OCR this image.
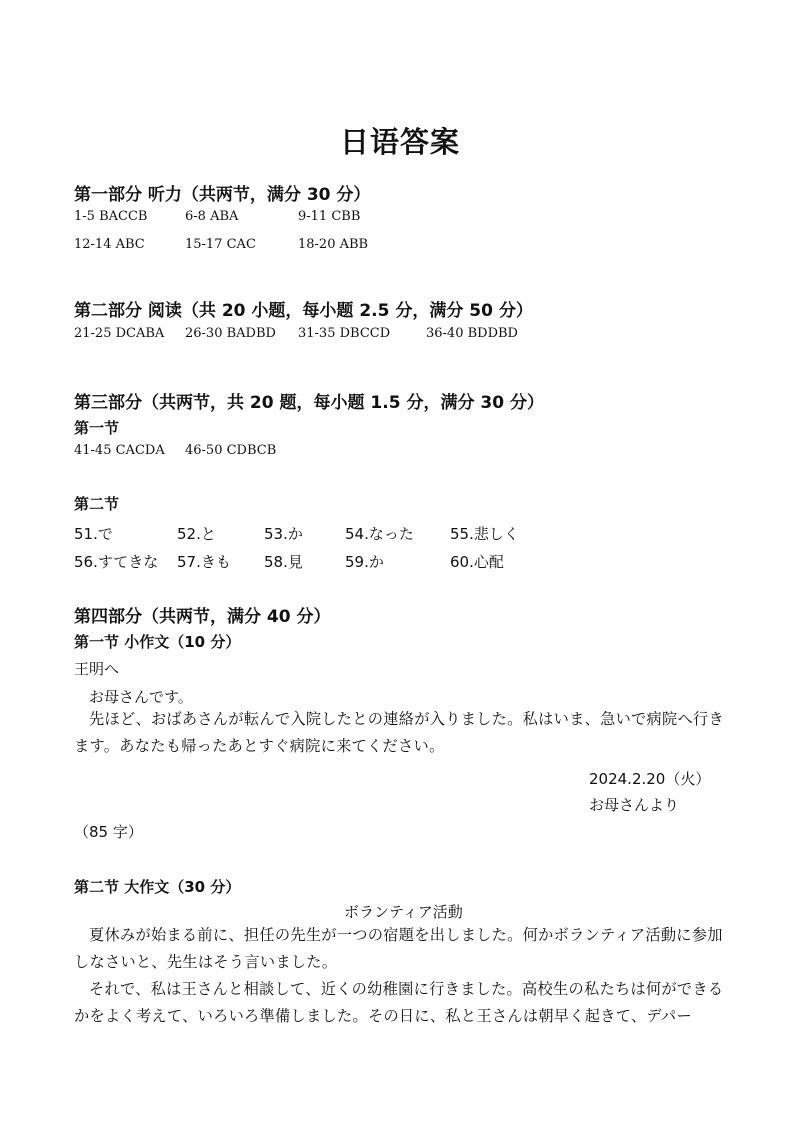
日语答案
第一部分 听力（共两节，满分 30 分）
1-5 BACCB	6-8 ABA	9-11 CBB
12-14 ABC	15-17 CAC	18-20 ABB
第二部分 阅读（共 20 小题，每小题 2.5 分，满分 50 分）
21-25 DCABA 26-30 BADBD 31-35 DBCCD	36-40 BDDBD
第三部分（共两节，共 20 题，每小题 1.5 分，满分 30 分）
第一节
41-45 CACDA 46-50 CDBCB
第二节
51.で	52.と	53.か	54.なった 55.悲しく
56.すてきな 57.きも 58.見	59.か	60.心配
第四部分（共两节，满分 40 分）
第一节 小作文（10 分）
王明へ
お母さんです。
先ほど、おばあさんが転んで入院したとの連絡が入りました。私はいま、急いで病院へ行きます。あなたも帰ったあとすぐ病院に来てください。
2024.2.20（火）
お母さんより
（85 字）
第二节 大作文（30 分）
ボランティア活動
夏休みが始まる前に、担任の先生が一つの宿題を出しました。何かボランティア活動に参加しなさいと、先生はそう言いました。
それで、私は王さんと相談して、近くの幼稚園に行きました。高校生の私たちは何ができるかをよく考えて、いろいろ準備しました。その日に、私と王さんは朝早く起きて、デパー
